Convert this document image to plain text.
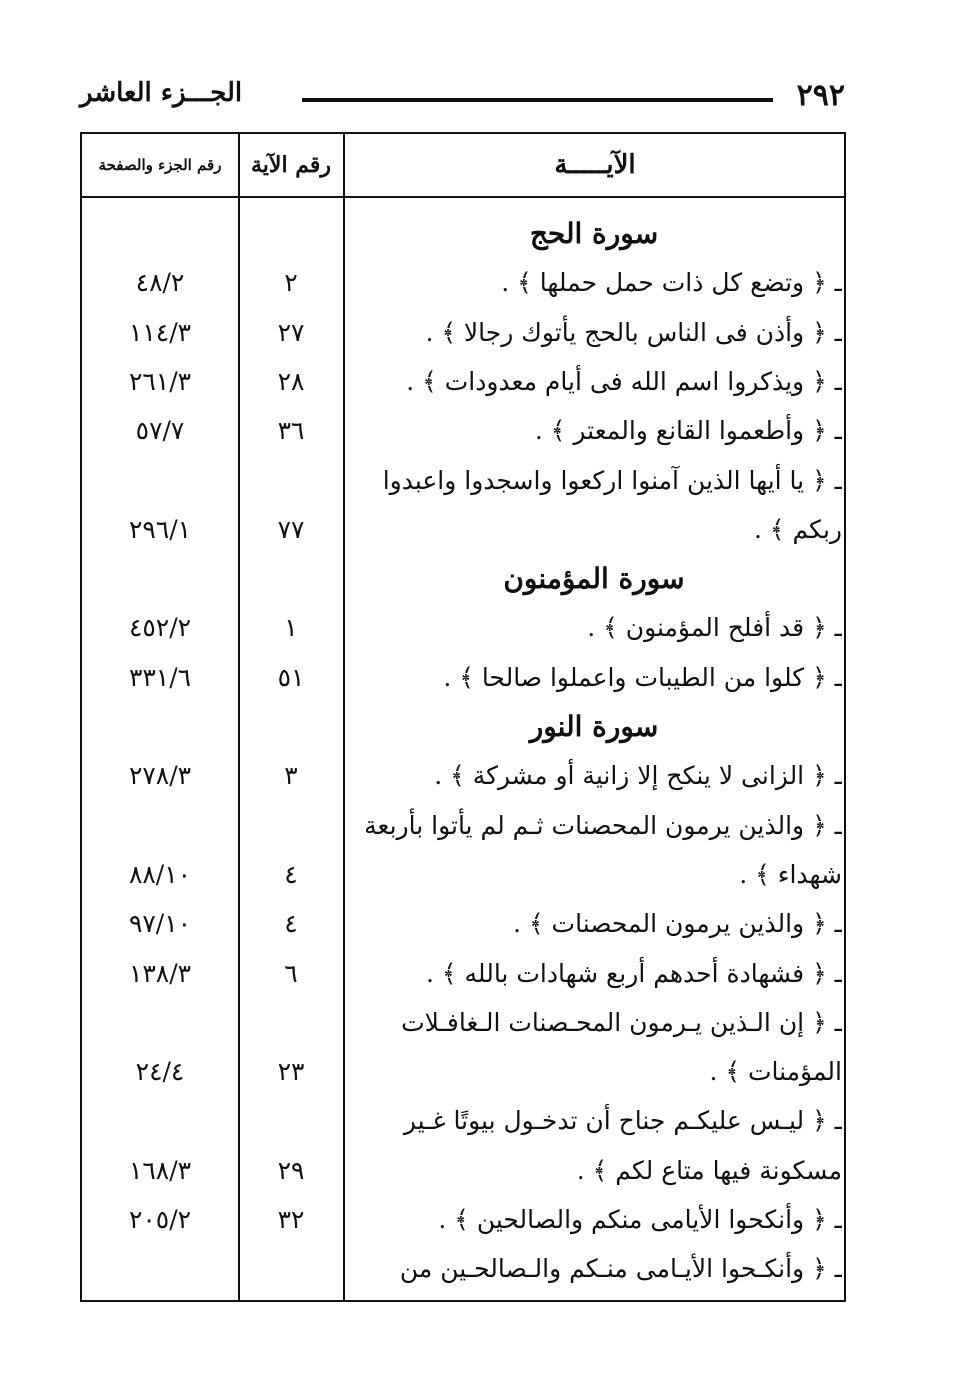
٢٩٢
الجـــزء العاشر
الآيـــــة
رقم الآية
رقم الجزء والصفحة
سورة الحج
ـ ﴿ وتضع كل ذات حمل حملها ﴾ .
٢
٤٨/٢
ـ ﴿ وأذن فى الناس بالحج يأتوك رجالا ﴾ .
٢٧
١١٤/٣
ـ ﴿ ويذكروا اسم الله فى أيام معدودات ﴾ .
٢٨
٢٦١/٣
ـ ﴿ وأطعموا القانع والمعتر ﴾ .
٣٦
٥٧/٧
ـ ﴿ يا أيها الذين آمنوا اركعوا واسجدوا واعبدوا
ربكم ﴾ .
٧٧
٢٩٦/١
سورة المؤمنون
ـ ﴿ قد أفلح المؤمنون ﴾ .
١
٤٥٢/٢
ـ ﴿ كلوا من الطيبات واعملوا صالحا ﴾ .
٥١
٣٣١/٦
سورة النور
ـ ﴿ الزانى لا ينكح إلا زانية أو مشركة ﴾ .
٣
٢٧٨/٣
ـ ﴿ والذين يرمون المحصنات ثـم لم يأتوا بأربعة
شهداء ﴾ .
٤
٨٨/١٠
ـ ﴿ والذين يرمون المحصنات ﴾ .
٤
٩٧/١٠
ـ ﴿ فشهادة أحدهم أربع شهادات بالله ﴾ .
٦
١٣٨/٣
ـ ﴿ إن الـذين يـرمون المحـصنات الـغافـلات
المؤمنات ﴾ .
٢٣
٢٤/٤
ـ ﴿ ليـس عليكـم جناح أن تدخـول بيوتًا غـير
مسكونة فيها متاع لكم ﴾ .
٢٩
١٦٨/٣
ـ ﴿ وأنكحوا الأيامى منكم والصالحين ﴾ .
٣٢
٢٠٥/٢
ـ ﴿ وأنكـحوا الأيـامى منـكم والـصالحـين من
